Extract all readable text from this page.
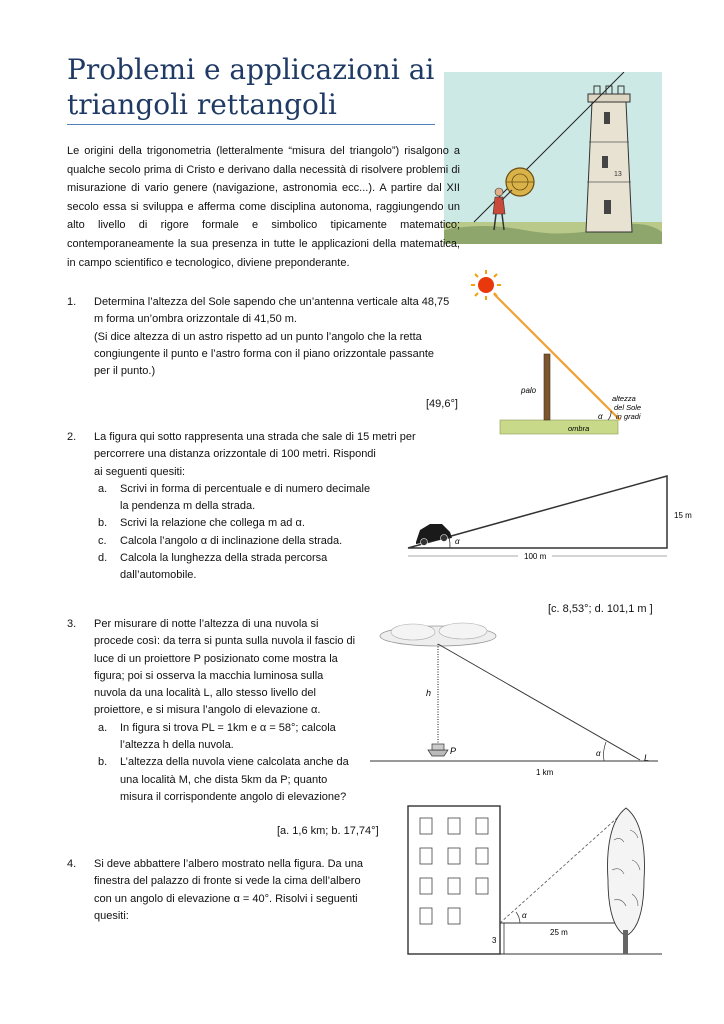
Problemi e applicazioni ai
triangoli rettangoli
13

Le origini della trigonometria (letteralmente “misura del triangolo”) risalgono a qualche secolo prima di Cristo e derivano dalla necessità di risolvere problemi di misurazione di vario genere (navigazione, astronomia ecc...). A partire dal XII secolo essa si sviluppa e afferma come disciplina autonoma, raggiungendo un alto livello di rigore formale e simbolico tipicamente matematico; contemporaneamente la sua presenza in tutte le applicazioni della matematica, in campo scientifico e tecnologico, diviene preponderante.

1.	Determina l’altezza del Sole sapendo che un’antenna verticale alta 48,75
m forma un’ombra orizzontale di 41,50 m.
(Si dice altezza di un astro rispetto ad un punto l’angolo che la retta
congiungente il punto e l’astro forma con il piano orizzontale passante
per il punto.)
[49,6°]
palo
α
altezza
del Sole
in gradi
ombra
2.	La figura qui sotto rappresenta una strada che sale di 15 metri per
percorrere una distanza orizzontale di 100 metri. Rispondi
ai seguenti quesiti:
a. Scrivi in forma di percentuale e di numero decimale
la pendenza m della strada.
b. Scrivi la relazione che collega m ad α.
c. Calcola l’angolo α di inclinazione della strada.
d. Calcola la lunghezza della strada percorsa
dall’automobile.
[c. 8,53°; d. 101,1 m ]
α
100 m
15 m
3.	Per misurare di notte l’altezza di una nuvola si
procede così: da terra si punta sulla nuvola il fascio di
luce di un proiettore P posizionato come mostra la
figura; poi si osserva la macchia luminosa sulla
nuvola da una località L, allo stesso livello del
proiettore, e si misura l’angolo di elevazione α.
a. In figura si trova PL = 1km e α = 58°; calcola
l’altezza h della nuvola.
b. L’altezza della nuvola viene calcolata anche da
una località M, che dista 5km da P; quanto
misura il corrispondente angolo di elevazione?
[a. 1,6 km; b. 17,74°]
h
P	α	L
1 km
4.	Si deve abbattere l’albero mostrato nella figura. Da una
finestra del palazzo di fronte si vede la cima dell’albero
con un angolo di elevazione α = 40°. Risolvi i seguenti
quesiti:	α
25 m
3
